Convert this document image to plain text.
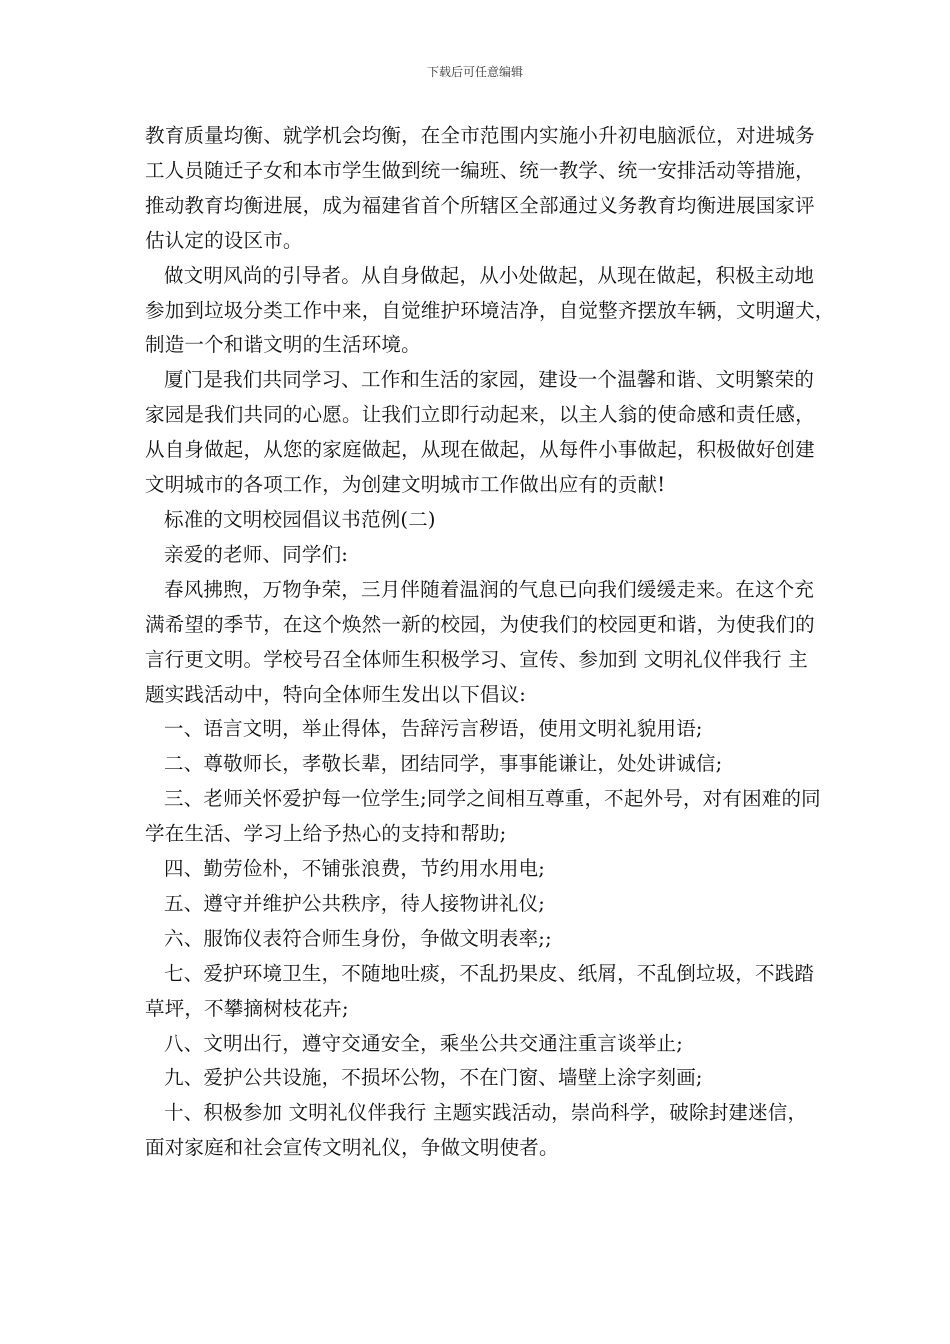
下载后可任意编辑

教育质量均衡、就学机会均衡，在全市范围内实施小升初电脑派位，对进城务

工人员随迁子女和本市学生做到统一编班、统一教学、统一安排活动等措施，

推动教育均衡进展，成为福建省首个所辖区全部通过义务教育均衡进展国家评

估认定的设区市。

做文明风尚的引导者。从自身做起，从小处做起，从现在做起，积极主动地

参加到垃圾分类工作中来，自觉维护环境洁净，自觉整齐摆放车辆，文明遛犬，

制造一个和谐文明的生活环境。

厦门是我们共同学习、工作和生活的家园，建设一个温馨和谐、文明繁荣的

家园是我们共同的心愿。让我们立即行动起来，以主人翁的使命感和责任感，

从自身做起，从您的家庭做起，从现在做起，从每件小事做起，积极做好创建

文明城市的各项工作，为创建文明城市工作做出应有的贡献!

标准的文明校园倡议书范例(二)

亲爱的老师、同学们:

春风拂煦，万物争荣，三月伴随着温润的气息已向我们缓缓走来。在这个充

满希望的季节，在这个焕然一新的校园，为使我们的校园更和谐，为使我们的

言行更文明。学校号召全体师生积极学习、宣传、参加到 文明礼仪伴我行 主

题实践活动中，特向全体师生发出以下倡议:

一、语言文明，举止得体，告辞污言秽语，使用文明礼貌用语;

二、尊敬师长，孝敬长辈，团结同学，事事能谦让，处处讲诚信;

三、老师关怀爱护每一位学生;同学之间相互尊重，不起外号，对有困难的同

学在生活、学习上给予热心的支持和帮助;

四、勤劳俭朴，不铺张浪费，节约用水用电;

五、遵守并维护公共秩序，待人接物讲礼仪;

六、服饰仪表符合师生身份，争做文明表率;;

七、爱护环境卫生，不随地吐痰，不乱扔果皮、纸屑，不乱倒垃圾，不践踏

草坪，不攀摘树枝花卉;

八、文明出行，遵守交通安全，乘坐公共交通注重言谈举止;

九、爱护公共设施，不损坏公物，不在门窗、墙壁上涂字刻画;

十、积极参加 文明礼仪伴我行 主题实践活动，崇尚科学，破除封建迷信，

面对家庭和社会宣传文明礼仪，争做文明使者。
